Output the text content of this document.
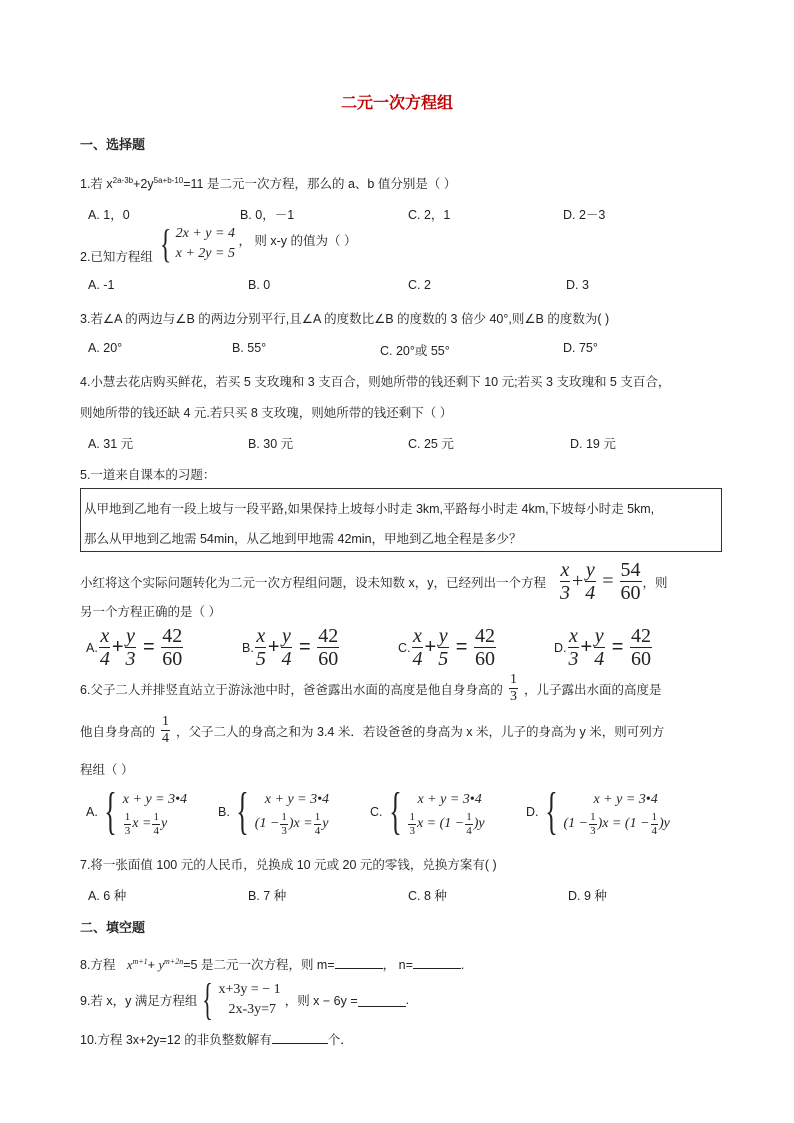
二元一次方程组
一、选择题
1.若 $x^{2a-3b}+2y^{5a+b-10}=11$ 是二元一次方程，那么的 a、b 值分别是（ ）
A. 1，0	B. 0，－1	C. 2，1	D. 2－3
2.已知方程组 { 2x + y = 4
x + 2y = 5
， 则 x-y 的值为（ ）
A. -1	B. 0	C. 2	D. 3
3.若∠A 的两边与∠B 的两边分别平行,且∠A 的度数比∠B 的度数的 3 倍少 40°,则∠B 的度数为( )
A. 20°	B. 55°	C. 20°或 55°	D. 75°
4.小慧去花店购买鲜花，若买 5 支玫瑰和 3 支百合，则她所带的钱还剩下 10 元;若买 3 支玫瑰和 5 支百合，
则她所带的钱还缺 4 元.若只买 8 支玫瑰，则她所带的钱还剩下（ ）
A. 31 元	B. 30 元	C. 25 元	D. 19 元
5.一道来自课本的习题：
从甲地到乙地有一段上坡与一段平路,如果保持上坡每小时走 3km,平路每小时走 4km,下坡每小时走 5km,
那么从甲地到乙地需 54min，从乙地到甲地需 42min，甲地到乙地全程是多少？
小红将这个实际问题转化为二元一次方程组问题，设未知数 x，y，已经列出一个方程 $\frac{x}{3} + \frac{y}{4} = \frac{54}{60}$ ，则
另一个方程正确的是（ ）
A. $\frac{x}{4} + \frac{y}{3} = \frac{42}{60}$	B. $\frac{x}{5} + \frac{y}{4} = \frac{42}{60}$	C. $\frac{x}{4} + \frac{y}{5} = \frac{42}{60}$	D. $\frac{x}{3} + \frac{y}{4} = \frac{42}{60}$
6.父子二人并排竖直站立于游泳池中时，爸爸露出水面的高度是他自身身高的 $\frac{1}{3}$ ，儿子露出水面的高度是
他自身身高的 $\frac{1}{4}$ ，父子二人的身高之和为 3.4 米．若设爸爸的身高为 x 米，儿子的身高为 y 米，则可列方
程组（ ）
A. { x + y = 3•4
$\frac{1}{3}$ $x = \frac{1}{4}$ y
B. {	x + y = 3•4
$(1 - \frac{1}{3} )x = \frac{1}{4}$ y
C. {	x + y = 3•4
$\frac{1}{3}$ $x = (1 - \frac{1}{4} )y$
D. {	x + y = 3•4
$(1 - \frac{1}{3} )x = (1 - \frac{1}{4} )y$
7.将一张面值 100 元的人民币，兑换成 10 元或 20 元的零钱，兑换方案有( )
A. 6 种	B. 7 种	C. 8 种	D. 9 种
二、填空题
8.方程 $x^{m+1}+ y^{m+2n}=5$ 是二元一次方程，则 m=	， n=	.
9.若 x，y 满足方程组 { x+3y = − 1
2x-3y=7
，则 x − 6y =	.
10.方程 3x+2y=12 的非负整数解有	个．
